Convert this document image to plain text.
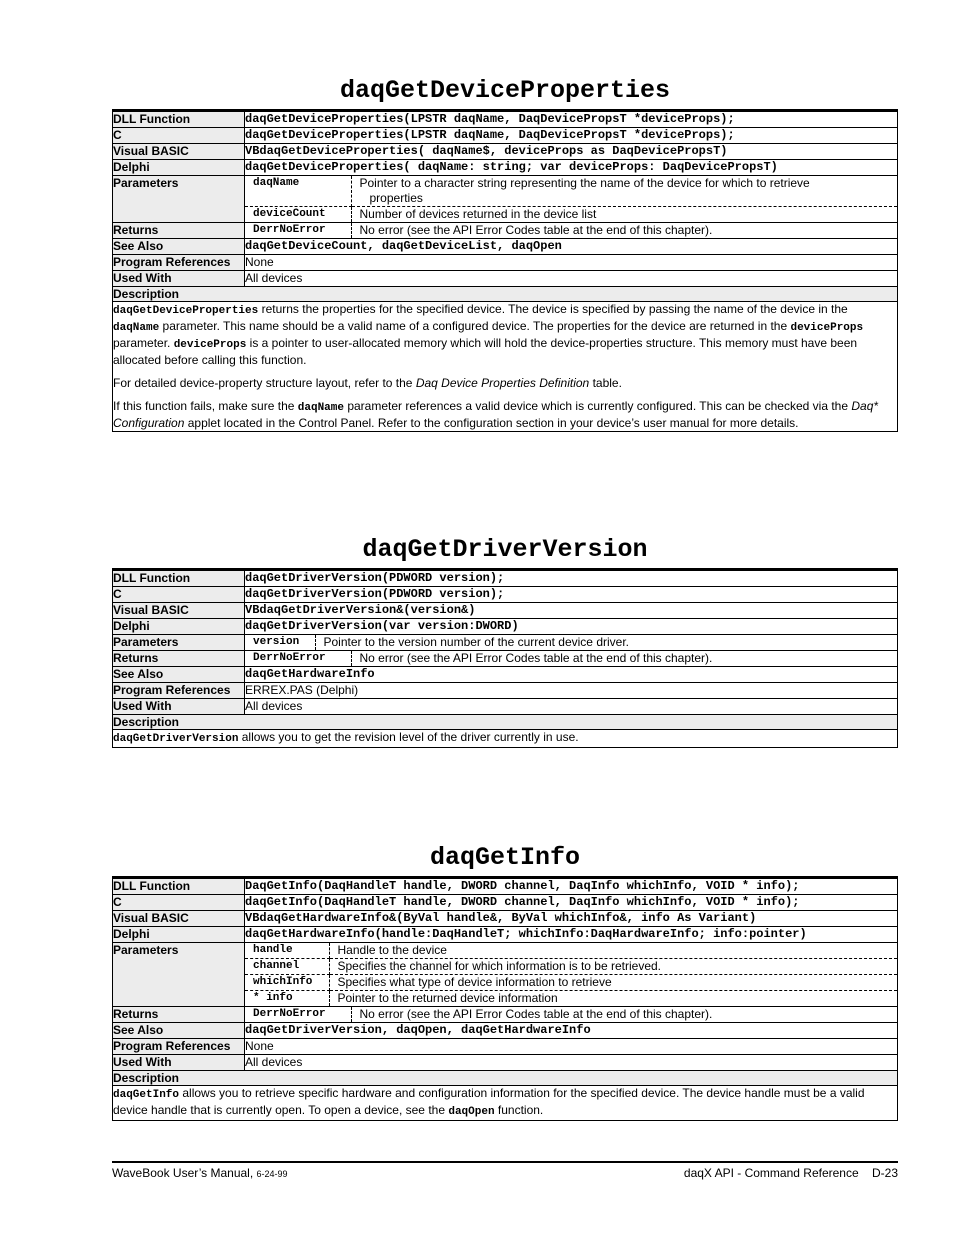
daqGetDeviceProperties
DLL Function	daqGetDeviceProperties(LPSTR daqName, DaqDevicePropsT *deviceProps);
C	daqGetDeviceProperties(LPSTR daqName, DaqDevicePropsT *deviceProps);
Visual BASIC	VBdaqGetDeviceProperties( daqName$, deviceProps as DaqDevicePropsT)
Delphi	daqGetDeviceProperties( daqName: string; var deviceProps: DaqDevicePropsT)
Parameters		daqName	Pointer to a character string representing the name of the device for which to retrieve
properties
deviceCount	Number of devices returned in the device list

Returns		DerrNoError	No error (see the API Error Codes table at the end of this chapter).

See Also	daqGetDeviceCount, daqGetDeviceList, daqOpen
Program References	None
Used With	All devices
Description

daqGetDeviceProperties returns the properties for the specified device. The device is specified by passing the name of the device in the daqName parameter. This name should be a valid name of a configured device. The properties for the device are returned in the deviceProps parameter. deviceProps is a pointer to user-allocated memory which will hold the device-properties structure. This memory must have been allocated before calling this function.

For detailed device-property structure layout, refer to the Daq Device Properties Definition table.

If this function fails, make sure the daqName parameter references a valid device which is currently configured. This can be checked via the Daq* Configuration applet located in the Control Panel. Refer to the configuration section in your device’s user manual for more details.

daqGetDriverVersion
DLL Function	daqGetDriverVersion(PDWORD version);
C	daqGetDriverVersion(PDWORD version);
Visual BASIC	VBdaqGetDriverVersion&(version&)
Delphi	daqGetDriverVersion(var version:DWORD)
Parameters		version	Pointer to the version number of the current device driver.

Returns		DerrNoError	No error (see the API Error Codes table at the end of this chapter).

See Also	daqGetHardwareInfo
Program References	ERREX.PAS (Delphi)
Used With	All devices
Description

daqGetDriverVersion allows you to get the revision level of the driver currently in use.

daqGetInfo
DLL Function	DaqGetInfo(DaqHandleT handle, DWORD channel, DaqInfo whichInfo, VOID * info);
C	daqGetInfo(DaqHandleT handle, DWORD channel, DaqInfo whichInfo, VOID * info);
Visual BASIC	VBdaqGetHardwareInfo&(ByVal handle&, ByVal whichInfo&, info As Variant)
Delphi	daqGetHardwareInfo(handle:DaqHandleT; whichInfo:DaqHardwareInfo; info:pointer)
Parameters		handle	Handle to the device
channel	Specifies the channel for which information is to be retrieved.
whichInfo	Specifies what type of device information to retrieve
* info	Pointer to the returned device information

Returns		DerrNoError	No error (see the API Error Codes table at the end of this chapter).

See Also	daqGetDriverVersion, daqOpen, daqGetHardwareInfo
Program References	None
Used With	All devices
Description

daqGetInfo allows you to retrieve specific hardware and configuration information for the specified device. The device handle must be a valid device handle that is currently open. To open a device, see the daqOpen function.

WaveBook User’s Manual, 6-24-99	daqX API - Command Reference    D-23
